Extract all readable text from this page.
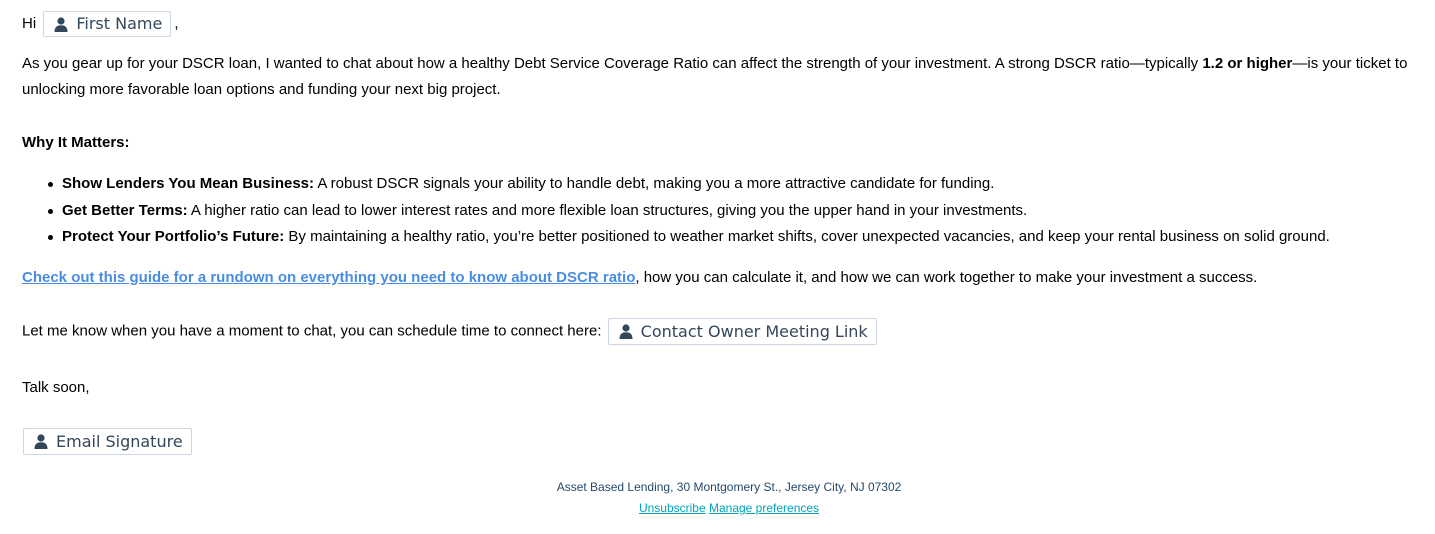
Hi	First Name ,
As you gear up for your DSCR loan, I wanted to chat about how a healthy Debt Service Coverage Ratio can affect the strength of your investment. A strong DSCR ratio—typically 1.2 or higher—is your ticket to unlocking more favorable loan options and funding your next big project.
Why It Matters:
Show Lenders You Mean Business: A robust DSCR signals your ability to handle debt, making you a more attractive candidate for funding.
Get Better Terms: A higher ratio can lead to lower interest rates and more flexible loan structures, giving you the upper hand in your investments.
Protect Your Portfolio’s Future: By maintaining a healthy ratio, you’re better positioned to weather market shifts, cover unexpected vacancies, and keep your rental business on solid ground.
Check out this guide for a rundown on everything you need to know about DSCR ratio, how you can calculate it, and how we can work together to make your investment a success.
Let me know when you have a moment to chat, you can schedule time to connect here: Contact Owner Meeting Link
Talk soon,
Email Signature
Asset Based Lending, 30 Montgomery St., Jersey City, NJ 07302
Unsubscribe Manage preferences
